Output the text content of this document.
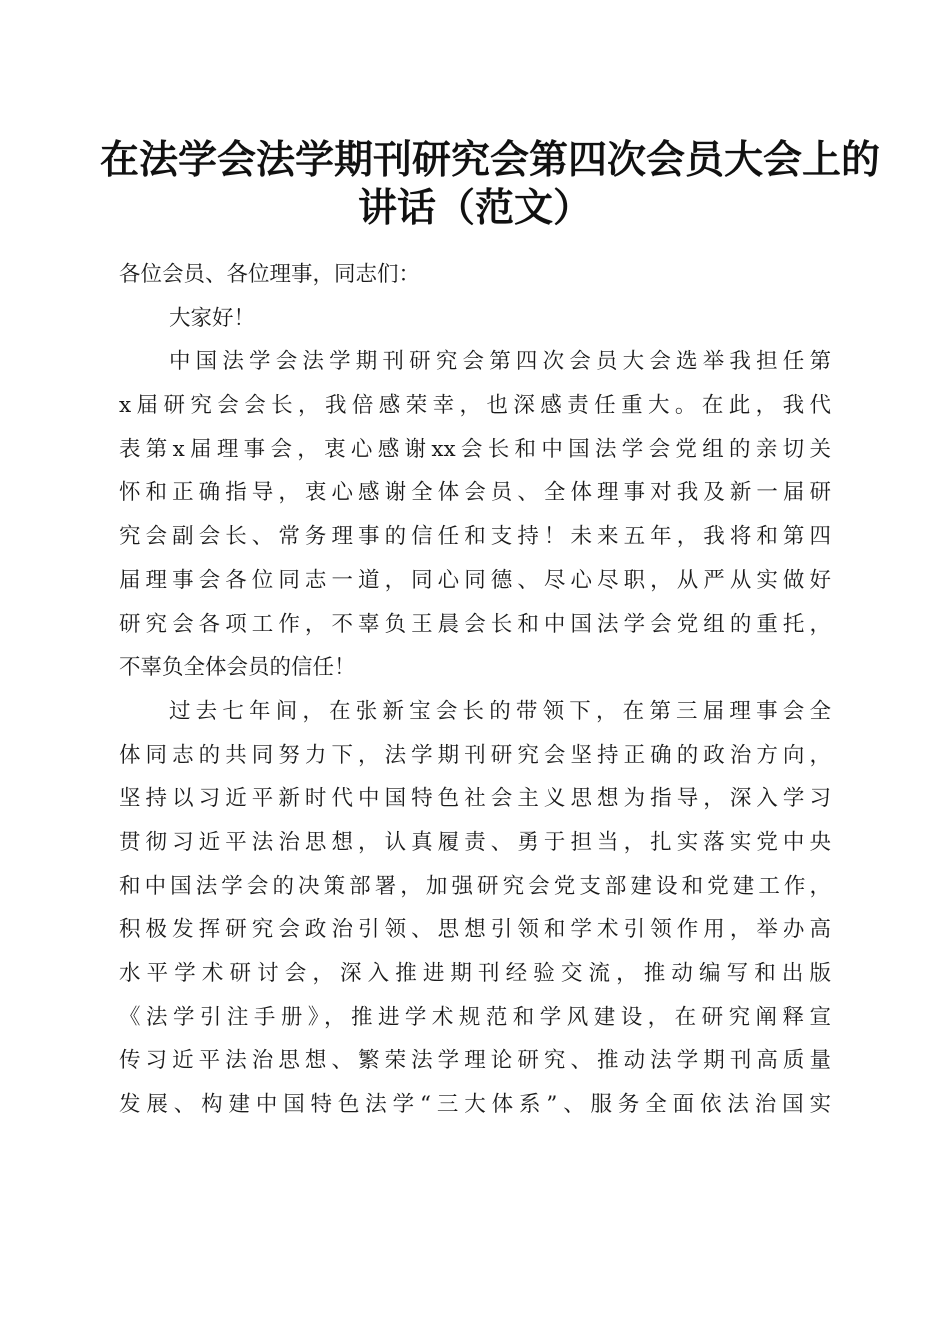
在法学会法学期刊研究会第四次会员大会上的
讲话（范文）
各位会员、各位理事，同志们：
大家好！
中国法学会法学期刊研究会第四次会员大会选举我担任第
x届研究会会长，我倍感荣幸，也深感责任重大。在此，我代
表第x届理事会，衷心感谢xx会长和中国法学会党组的亲切关
怀和正确指导，衷心感谢全体会员、全体理事对我及新一届研
究会副会长、常务理事的信任和支持！未来五年，我将和第四
届理事会各位同志一道，同心同德、尽心尽职，从严从实做好
研究会各项工作，不辜负王晨会长和中国法学会党组的重托，
不辜负全体会员的信任！
过去七年间，在张新宝会长的带领下，在第三届理事会全
体同志的共同努力下，法学期刊研究会坚持正确的政治方向，
坚持以习近平新时代中国特色社会主义思想为指导，深入学习
贯彻习近平法治思想，认真履责、勇于担当，扎实落实党中央
和中国法学会的决策部署，加强研究会党支部建设和党建工作，
积极发挥研究会政治引领、思想引领和学术引领作用，举办高
水平学术研讨会，深入推进期刊经验交流，推动编写和出版
《法学引注手册》，推进学术规范和学风建设，在研究阐释宣
传习近平法治思想、繁荣法学理论研究、推动法学期刊高质量
发展、构建中国特色法学“三大体系”、服务全面依法治国实
